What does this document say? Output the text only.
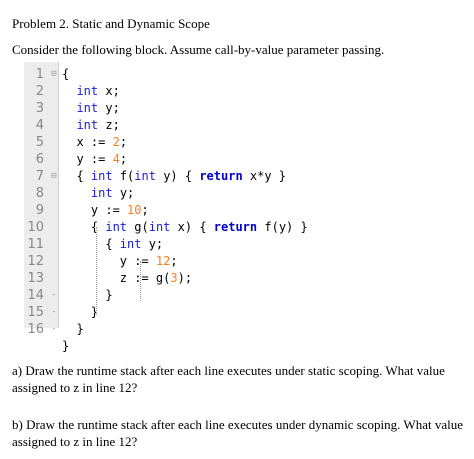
Problem 2. Static and Dynamic Scope
Consider the following block. Assume call-by-value parameter passing.
1 ⊟ {
2	int x;
3	int y;
4	int z;
5 x := 2;
6 y := 4;
7 ⊟ { int f(int y) { return x*y }
8	int y;
9 y := 10;
10 { int g(int x) { return f(y) }
11 { int y;
12 y := 12;
13 z := g(3);
14 - }
15 - }
16 - }
}
a) Draw the runtime stack after each line executes under static scoping. What value assigned to z in line 12?
b) Draw the runtime stack after each line executes under dynamic scoping. What value assigned to z in line 12?
